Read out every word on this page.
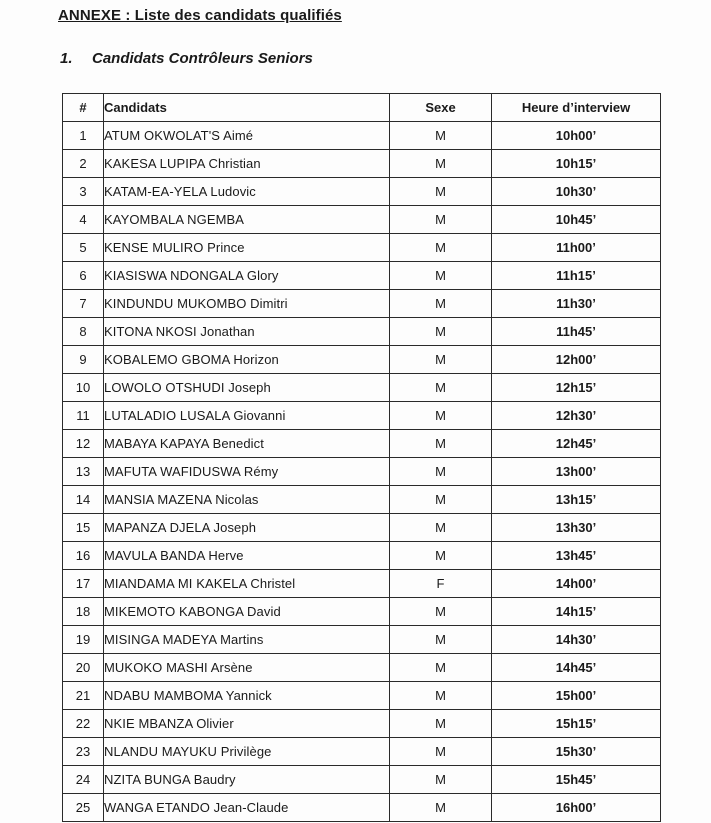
ANNEXE : Liste des candidats qualifiés
1. Candidats Contrôleurs Seniors
#	Candidats	Sexe	Heure d’interview
1	ATUM OKWOLAT'S Aimé	M	10h00’
2	KAKESA LUPIPA Christian	M	10h15’
3	KATAM-EA-YELA Ludovic	M	10h30’
4	KAYOMBALA NGEMBA	M	10h45’
5	KENSE MULIRO Prince	M	11h00’
6	KIASISWA NDONGALA Glory	M	11h15’
7	KINDUNDU MUKOMBO Dimitri	M	11h30’
8	KITONA NKOSI Jonathan	M	11h45’
9	KOBALEMO GBOMA Horizon	M	12h00’
10	LOWOLO OTSHUDI Joseph	M	12h15’
11	LUTALADIO LUSALA Giovanni	M	12h30’
12	MABAYA KAPAYA Benedict	M	12h45’
13	MAFUTA WAFIDUSWA Rémy	M	13h00’
14	MANSIA MAZENA Nicolas	M	13h15’
15	MAPANZA DJELA Joseph	M	13h30’
16	MAVULA BANDA Herve	M	13h45’
17	MIANDAMA MI KAKELA Christel	F	14h00’
18	MIKEMOTO KABONGA David	M	14h15’
19	MISINGA MADEYA Martins	M	14h30’
20	MUKOKO MASHI Arsène	M	14h45’
21	NDABU MAMBOMA Yannick	M	15h00’
22	NKIE MBANZA Olivier	M	15h15’
23	NLANDU MAYUKU Privilège	M	15h30’
24	NZITA BUNGA Baudry	M	15h45’
25	WANGA ETANDO Jean-Claude	M	16h00’
